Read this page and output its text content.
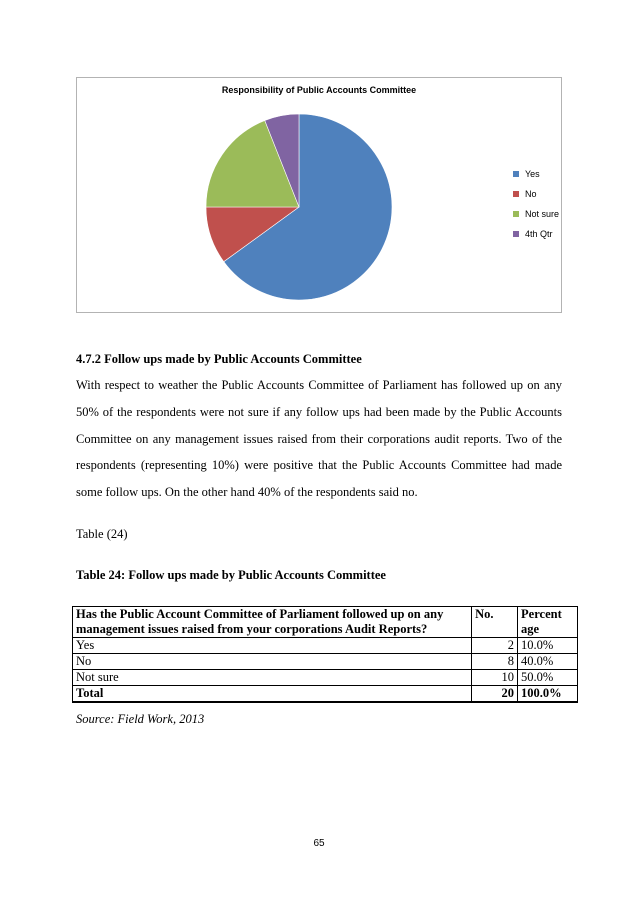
Responsibility of Public Accounts Committee
Yes
No
Not sure
4th Qtr
4.7.2 Follow ups made by Public Accounts Committee

With respect to weather the Public Accounts Committee of Parliament has followed up on any 50% of the respondents were not sure if any follow ups had been made by the Public Accounts Committee on any management issues raised from their corporations audit reports. Two of the respondents (representing 10%) were positive that the Public Accounts Committee had made some follow ups. On the other hand 40% of the respondents said no.

Table (24)
Table 24: Follow ups made by Public Accounts Committee
Has the Public Account Committee of Parliament followed up on any management issues raised from your corporations Audit Reports?	No.	Percent age
Yes	2	10.0%
No	8	40.0%
Not sure	10	50.0%
Total	20	100.0%
Source: Field Work, 2013
65
